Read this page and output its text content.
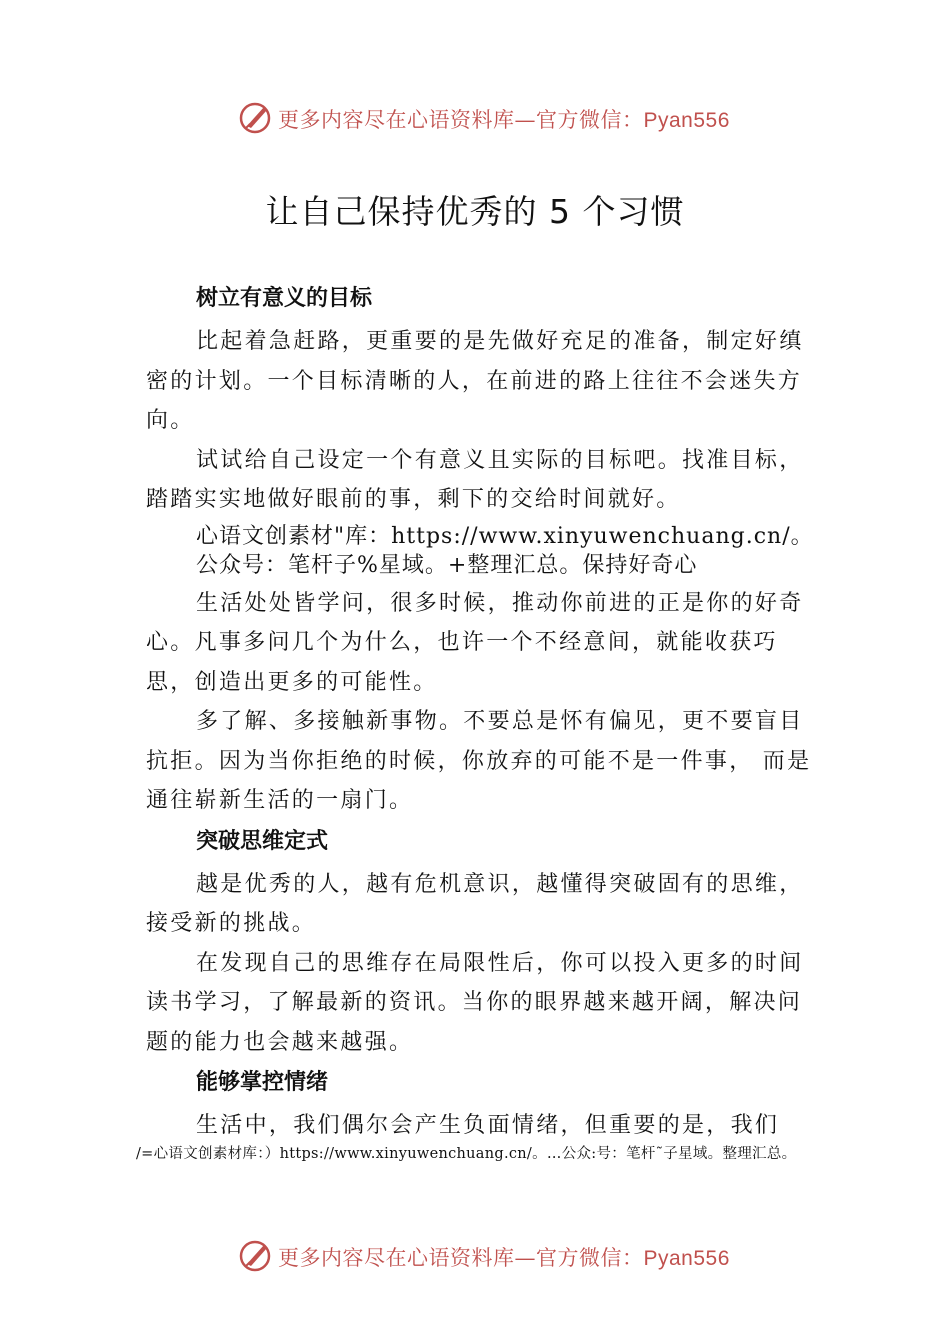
更多内容尽在心语资料库—官方微信：Pyan556
让自己保持优秀的 5 个习惯
树立有意义的目标

比起着急赶路，更重要的是先做好充足的准备，制定好缜密的计划。一个目标清晰的人，在前进的路上往往不会迷失方向。

试试给自己设定一个有意义且实际的目标吧。找准目标，踏踏实实地做好眼前的事，剩下的交给时间就好。

心语文创素材"库：https://www.xinyuwenchuang.cn/。
公众号：笔杆子%星域。+整理汇总。保持好奇心

生活处处皆学问，很多时候，推动你前进的正是你的好奇心。凡事多问几个为什么，也许一个不经意间，就能收获巧思，创造出更多的可能性。

多了解、多接触新事物。不要总是怀有偏见，更不要盲目抗拒。因为当你拒绝的时候，你放弃的可能不是一件事， 而是通往崭新生活的一扇门。

突破思维定式

越是优秀的人，越有危机意识，越懂得突破固有的思维，接受新的挑战。

在发现自己的思维存在局限性后，你可以投入更多的时间读书学习，了解最新的资讯。当你的眼界越来越开阔，解决问题的能力也会越来越强。

能够掌控情绪

生活中，我们偶尔会产生负面情绪，但重要的是，我们

/=心语文创素材库：）https://www.xinyuwenchuang.cn/。…公众:号：笔杆˜子星域。整理汇总。
更多内容尽在心语资料库—官方微信：Pyan556
